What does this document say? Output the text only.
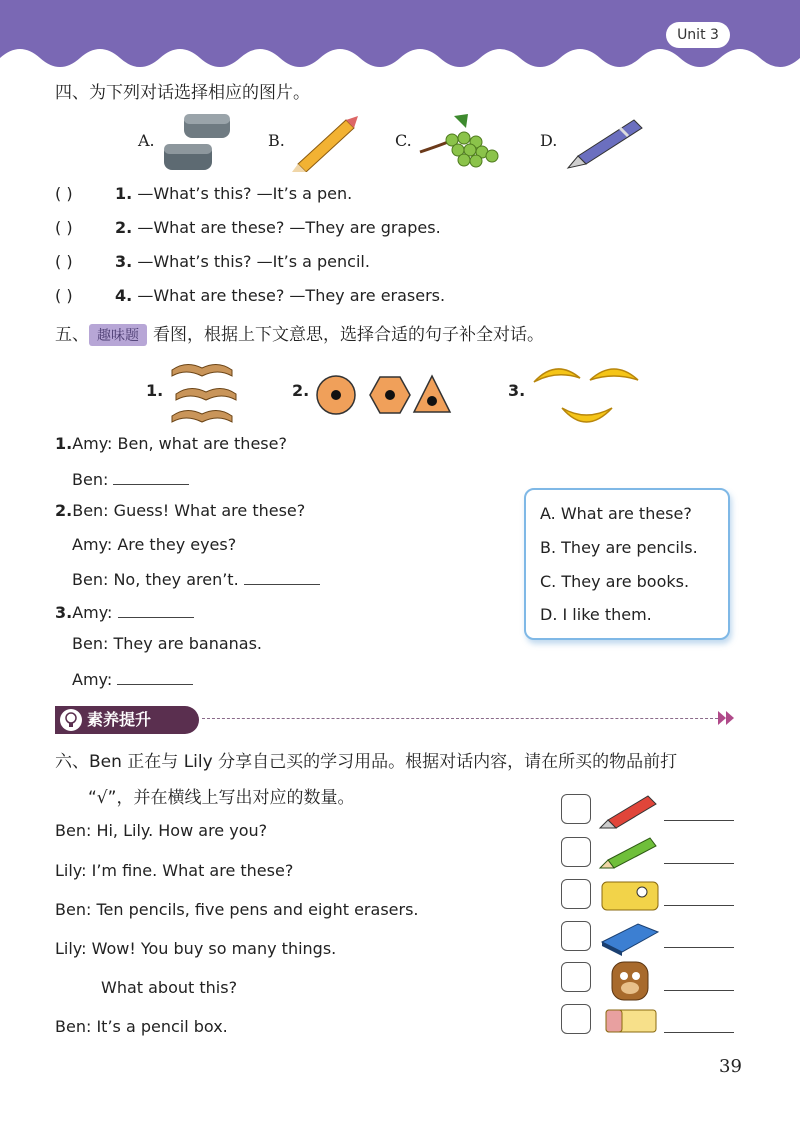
Unit 3
四、为下列对话选择相应的图片。
A.	B.	C.	D.
( )	1. —What’s this? —It’s a pen.
( )	2. —What are these? —They are grapes.
( )	3. —What’s this? —It’s a pencil.
( )	4. —What are these? —They are erasers.
五、 趣味题 看图，根据上下文意思，选择合适的句子补全对话。
1.	2.	3.
1.Amy: Ben, what are these?
Ben:
2.Ben: Guess! What are these?
Amy: Are they eyes?
Ben: No, they aren’t.
3.Amy:
Ben: They are bananas.
Amy:
A. What are these?
B. They are pencils.
C. They are books.
D. I like them.
素养提升
六、Ben 正在与 Lily 分享自己买的学习用品。根据对话内容，请在所买的物品前打
“√”，并在横线上写出对应的数量。
Ben: Hi, Lily. How are you?
Lily: I’m fine. What are these?
Ben: Ten pencils, five pens and eight erasers.
Lily: Wow! You buy so many things.
What about this?
Ben: It’s a pencil box.
39
